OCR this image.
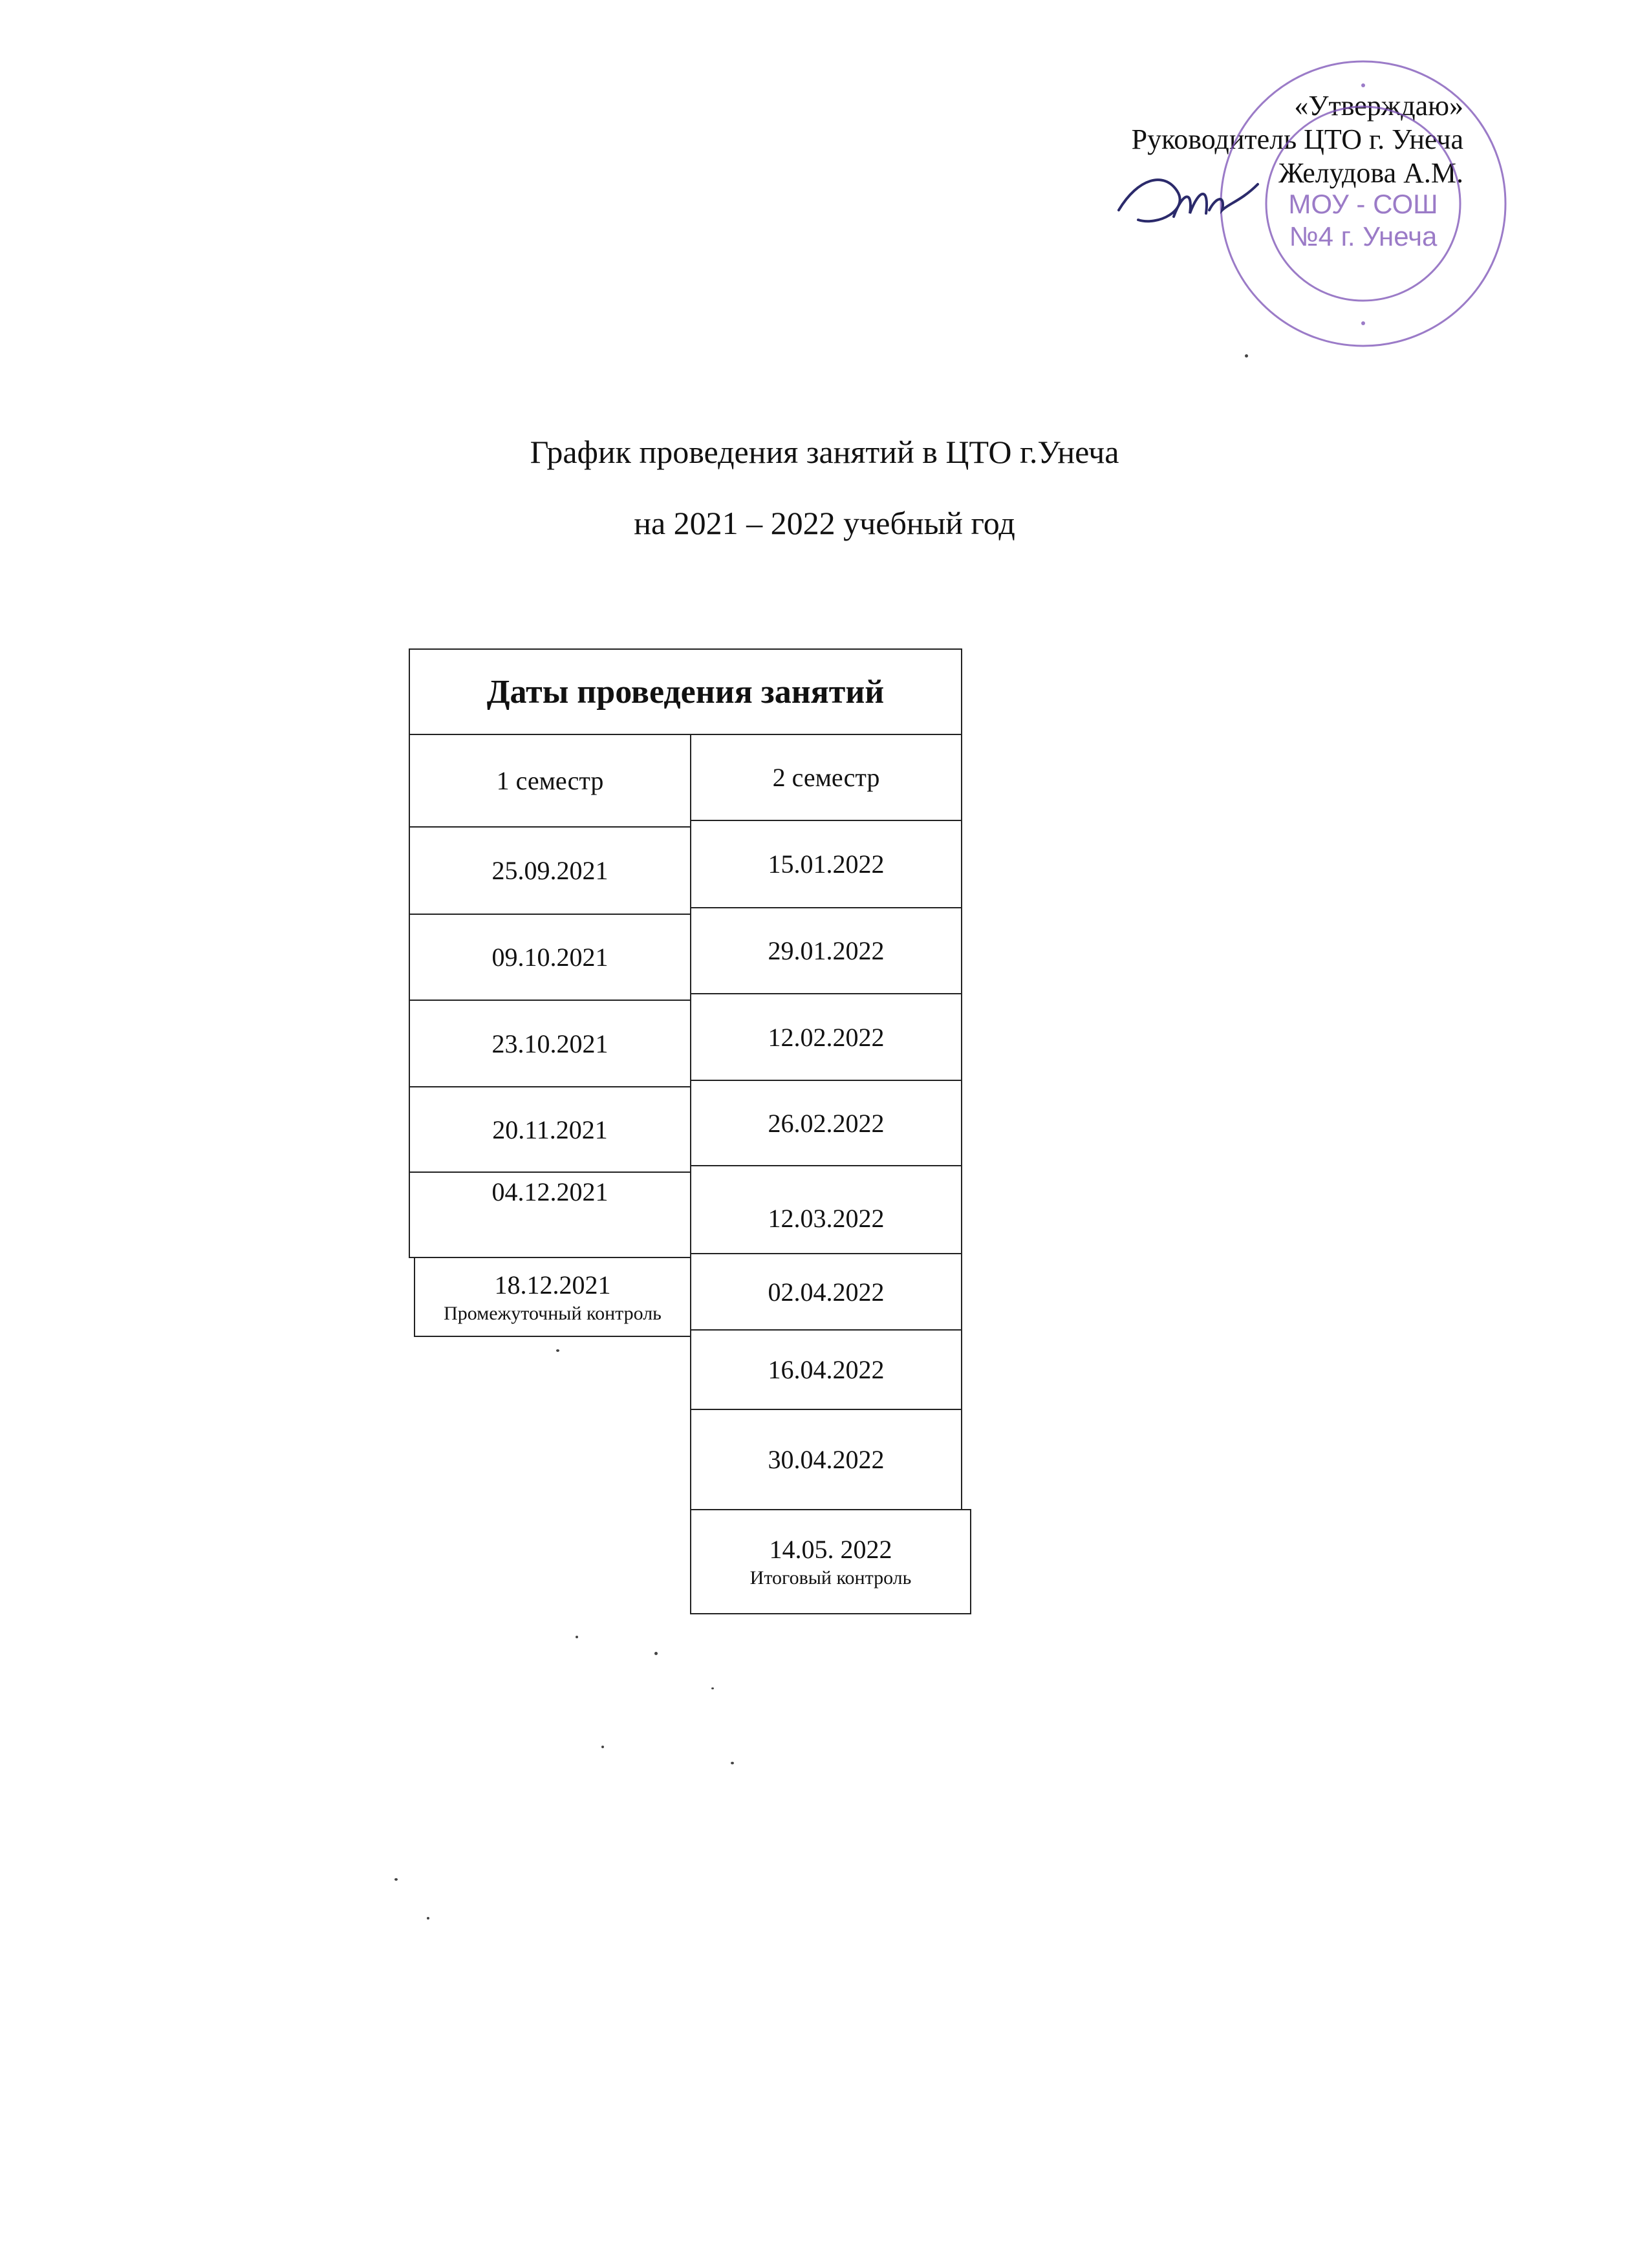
«Утверждаю»
Руководитель ЦТО г. Унеча
Желудова А.М.
МОУ - СОШ
№4 г. Унеча
График проведения занятий в ЦТО г.Унеча
на 2021 – 2022 учебный год
Даты проведения занятий
1 семестр	2 семестр
25.09.2021
09.10.2021
23.10.2021
20.11.2021
04.12.2021
18.12.2021
Промежуточный контроль
15.01.2022
29.01.2022
12.02.2022
26.02.2022
12.03.2022
02.04.2022
16.04.2022
30.04.2022
14.05. 2022
Итоговый контроль
